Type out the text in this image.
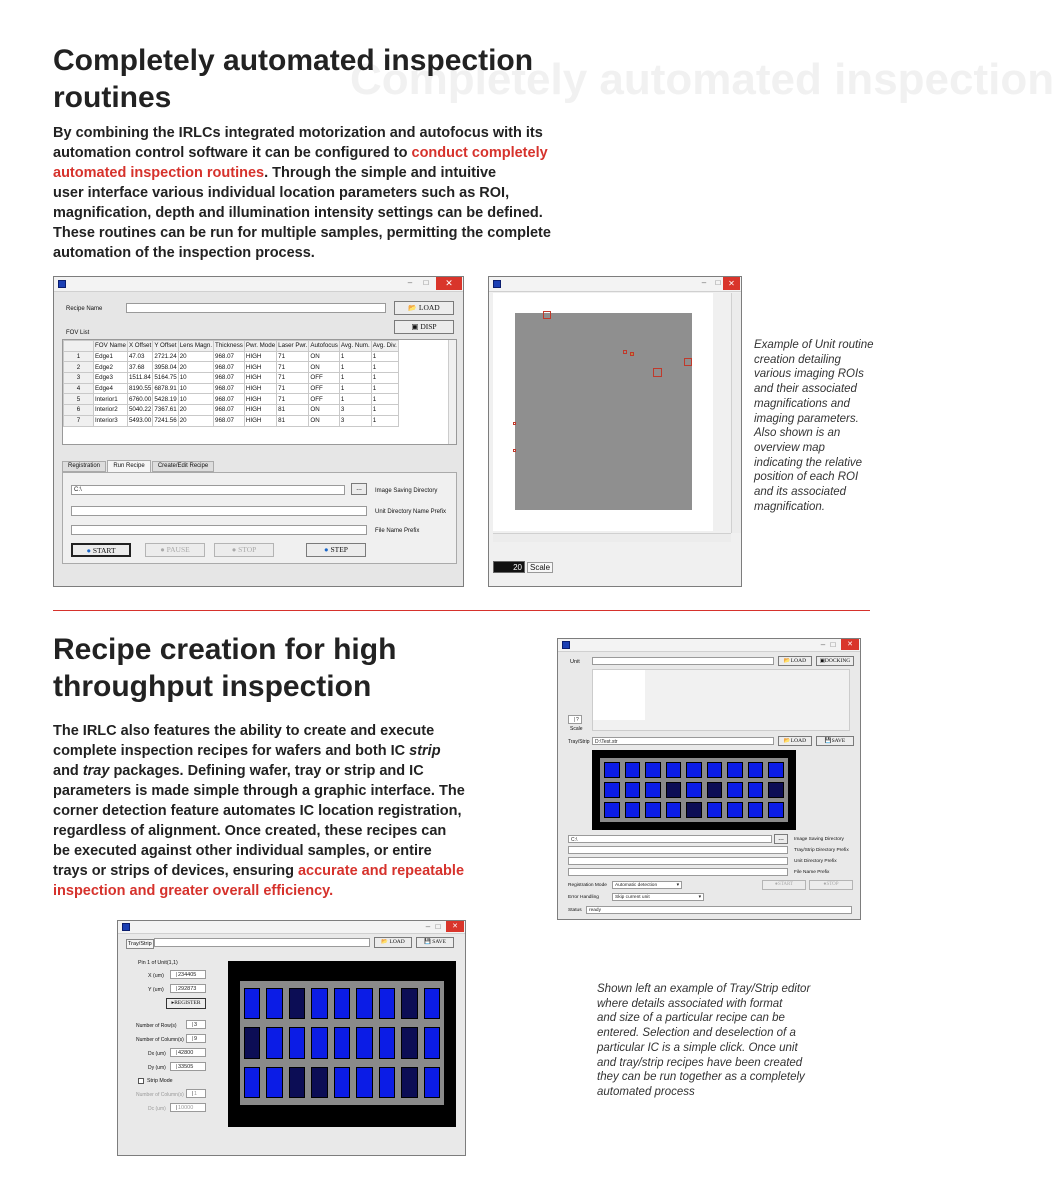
Completely automated inspection
Completely automated inspection
routines
By combining the IRLCs integrated motorization and autofocus with its
automation control software it can be configured to conduct completely
automated inspection routines. Through the simple and intuitive
user interface various individual location parameters such as ROI,
magnification, depth and illumination intensity settings can be defined.
These routines can be run for multiple samples, permitting the complete
automation of the inspection process.
–	□	✕
Recipe Name	📂 LOAD
▣ DISP
FOV List
	FOV Name	X Offset	Y Offset	Lens Magn.	Thickness	Pwr. Mode	Laser Pwr.	Autofocus	Avg. Num.	Avg. Div.
1	Edge1	47.03	2721.24	20	968.07	HIGH	71	ON	1	1
2	Edge2	37.68	3958.04	20	968.07	HIGH	71	ON	1	1
3	Edge3	1511.84	5164.75	10	968.07	HIGH	71	OFF	1	1
4	Edge4	8190.55	6878.91	10	968.07	HIGH	71	OFF	1	1
5	Interior1	6760.00	5428.19	10	968.07	HIGH	71	OFF	1	1
6	Interior2	5040.22	7367.61	20	968.07	HIGH	81	ON	3	1
7	Interior3	5493.00	7241.56	20	968.07	HIGH	81	ON	3	1
Registration	Run Recipe	Create/Edit Recipe
C:\	...	Image Saving Directory
Unit Directory Name Prefix
File Name Prefix
● START	● PAUSE	● STOP	● STEP
–	□ ✕
20	Scale
Example of Unit routine
creation detailing
various imaging ROIs
and their associated
magnifications and
imaging parameters.
Also shown is an
overview map
indicating the relative
position of each ROI
and its associated
magnification.
Recipe creation for high
throughput inspection
The IRLC also features the ability to create and execute
complete inspection recipes for wafers and both IC strip
and tray packages. Defining wafer, tray or strip and IC
parameters is made simple through a graphic interface. The
corner detection feature automates IC location registration,
regardless of alignment. Once created, these recipes can
be executed against other individual samples, or entire
trays or strips of devices, ensuring accurate and repeatable
inspection and greater overall efficiency.
– □	✕
Unit	📂LOAD	▣DOCKING
?
Scale
Tray/Strip	D:\Test.str	📂LOAD	💾SAVE
C:\	...	Image Saving Directory
Tray/Strip Directory Prefix
Unit Directory Prefix
File Name Prefix
Registration Mode	Automatic detection	▾	●START	●STOP
Error Handling	Skip current unit	▾
Status	ready
– □	✕
Tray/Strip	📂 LOAD	💾 SAVE
Pin 1 of Unit(1,1)
X (um)	234405
Y (um)	292873
▸REGISTER
Number of Row(s)	3
Number of Column(s)	9
Dx (um)	42800
Dy (um)	33505
Strip Mode
Number of Column(s)	1
Dc (um)	10000
Shown left an example of Tray/Strip editor
where details associated with format
and size of a particular recipe can be
entered. Selection and deselection of a
particular IC is a simple click. Once unit
and tray/strip recipes have been created
they can be run together as a completely
automated process
